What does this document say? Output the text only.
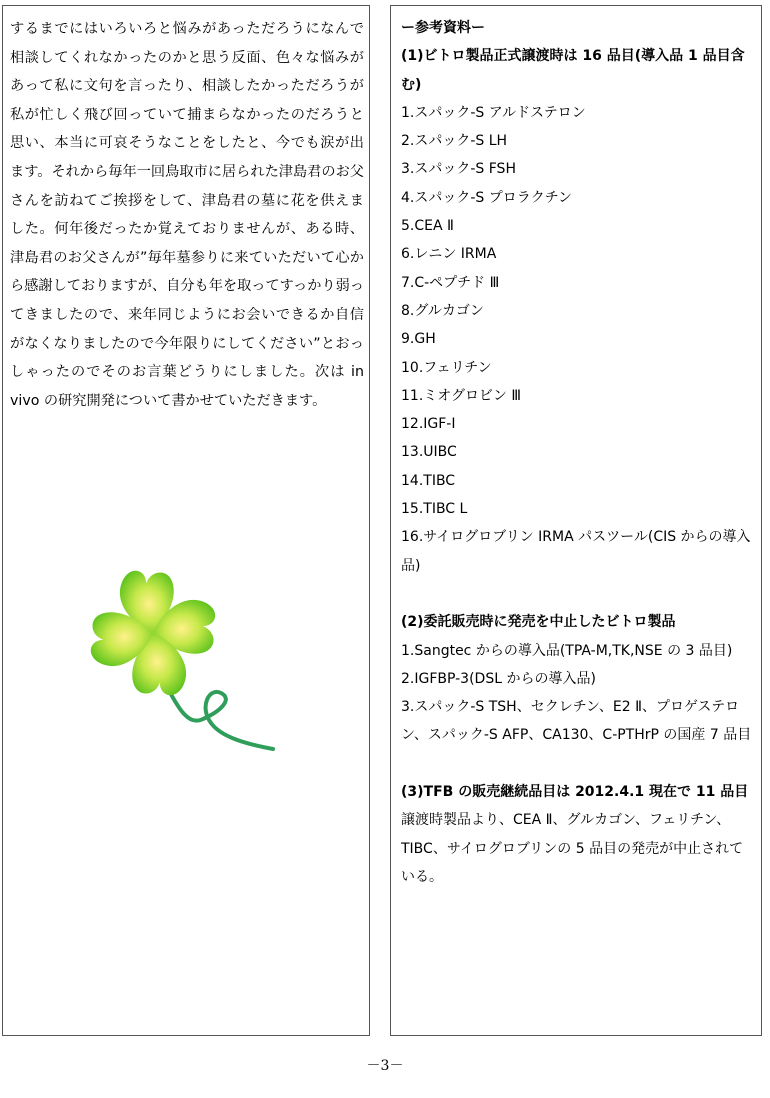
するまでにはいろいろと悩みがあっただろうになんで相談してくれなかったのかと思う反面、色々な悩みがあって私に文句を言ったり、相談したかっただろうが私が忙しく飛び回っていて捕まらなかったのだろうと思い、本当に可哀そうなことをしたと、今でも涙が出ます。それから毎年一回鳥取市に居られた津島君のお父さんを訪ねてご挨拶をして、津島君の墓に花を供えました。何年後だったか覚えておりませんが、ある時、津島君のお父さんが”毎年墓参りに来ていただいて心から感謝しておりますが、自分も年を取ってすっかり弱ってきましたので、来年同じようにお会いできるか自信がなくなりましたので今年限りにしてください”とおっしゃったのでそのお言葉どうりにしました。次は in vivo の研究開発について書かせていただきます。

ー参考資料ー
(1)ビトロ製品正式譲渡時は 16 品目(導入品 1 品目含む)
1.スパック-S アルドステロン
2.スパック-S LH
3.スパック-S FSH
4.スパック-S プロラクチン
5.CEA Ⅱ
6.レニン IRMA
7.C-ペプチド Ⅲ
8.グルカゴン
9.GH
10.フェリチン
11.ミオグロビン Ⅲ
12.IGF-Ⅰ
13.UIBC
14.TIBC
15.TIBC L
16.サイログロブリン IRMA パスツール(CIS からの導入品)
(2)委託販売時に発売を中止したビトロ製品
1.Sangtec からの導入品(TPA-M,TK,NSE の 3 品目)
2.IGFBP-3(DSL からの導入品)
3.スパック-S TSH、セクレチン、E2 Ⅱ、プロゲステロン、スパック-S AFP、CA130、C-PTHrP の国産 7 品目
(3)TFB の販売継続品目は 2012.4.1 現在で 11 品目
譲渡時製品より、CEA Ⅱ、グルカゴン、フェリチン、TIBC、サイログロブリンの 5 品目の発売が中止されている。
－3－
